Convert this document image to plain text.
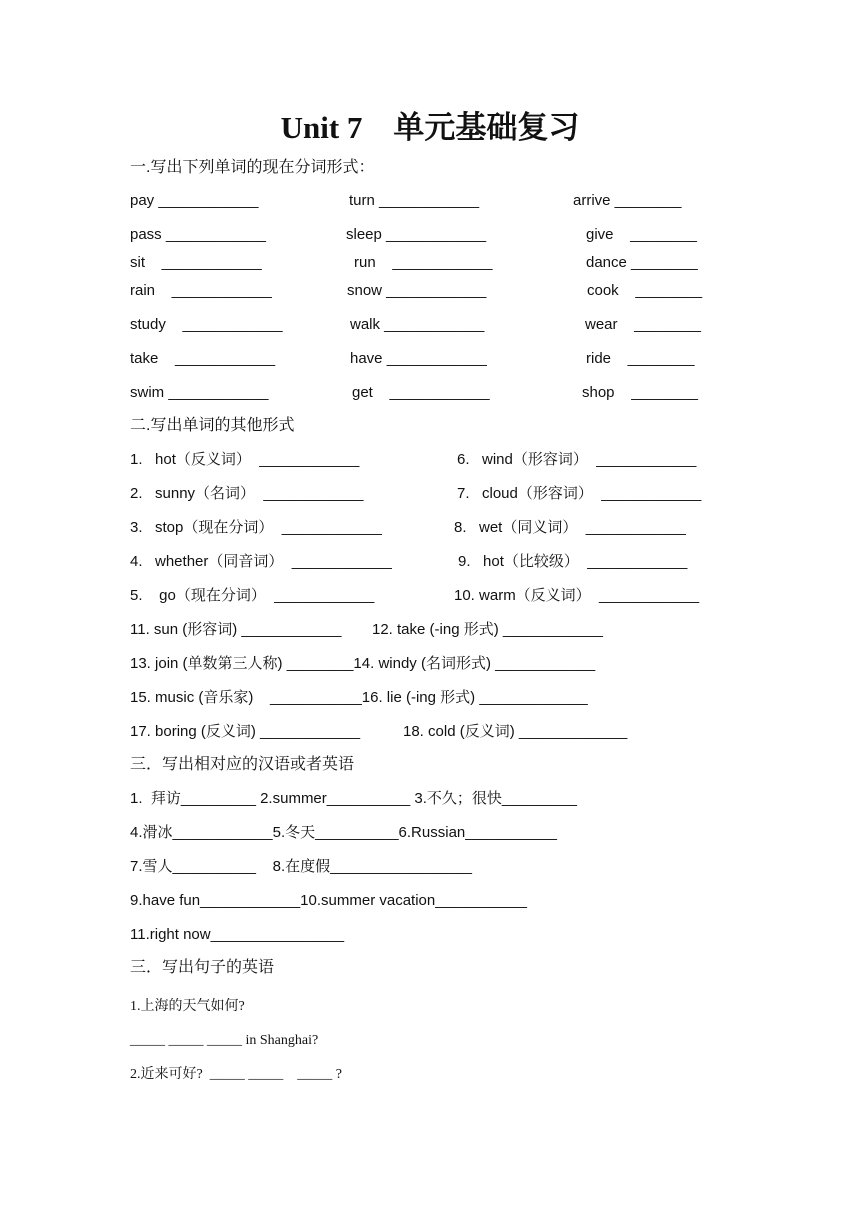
Unit 7　单元基础复习
一.写出下列单词的现在分词形式：
pay ____________	turn ____________	arrive ________
pass ____________	sleep ____________	give    ________
sit    ____________	run    ____________	dance ________
rain    ____________	snow ____________	cook    ________
study    ____________	walk ____________	wear    ________
take    ____________	have ____________	ride    ________
swim ____________	get    ____________	shop    ________
二.写出单词的其他形式
1.   hot（反义词）  ____________	6.   wind（形容词）  ____________
2.   sunny（名词）  ____________	7.   cloud（形容词）  ____________
3.   stop（现在分词）  ____________	8.   wet（同义词）  ____________
4.   whether（同音词）  ____________	9.   hot（比较级）  ____________
5.    go（现在分词）  ____________	10. warm（反义词）  ____________
11. sun (形容词) ____________ 12. take (-ing 形式) ____________
13. join (单数第三人称) ________14. windy (名词形式) ____________
15. music (音乐家)    ___________16. lie (-ing 形式) _____________
17. boring (反义词) ____________	18. cold (反义词) _____________
三．写出相对应的汉语或者英语
1.  拜访_________ 2.summer__________ 3.不久；很快_________
4.滑冰____________5.冬天__________6.Russian___________
7.雪人__________    8.在度假_________________
9.have fun____________10.summer vacation___________
11.right now________________
三．写出句子的英语
1.上海的天气如何?
_____ _____ _____ in Shanghai?
2.近来可好?  _____ _____    _____ ?
